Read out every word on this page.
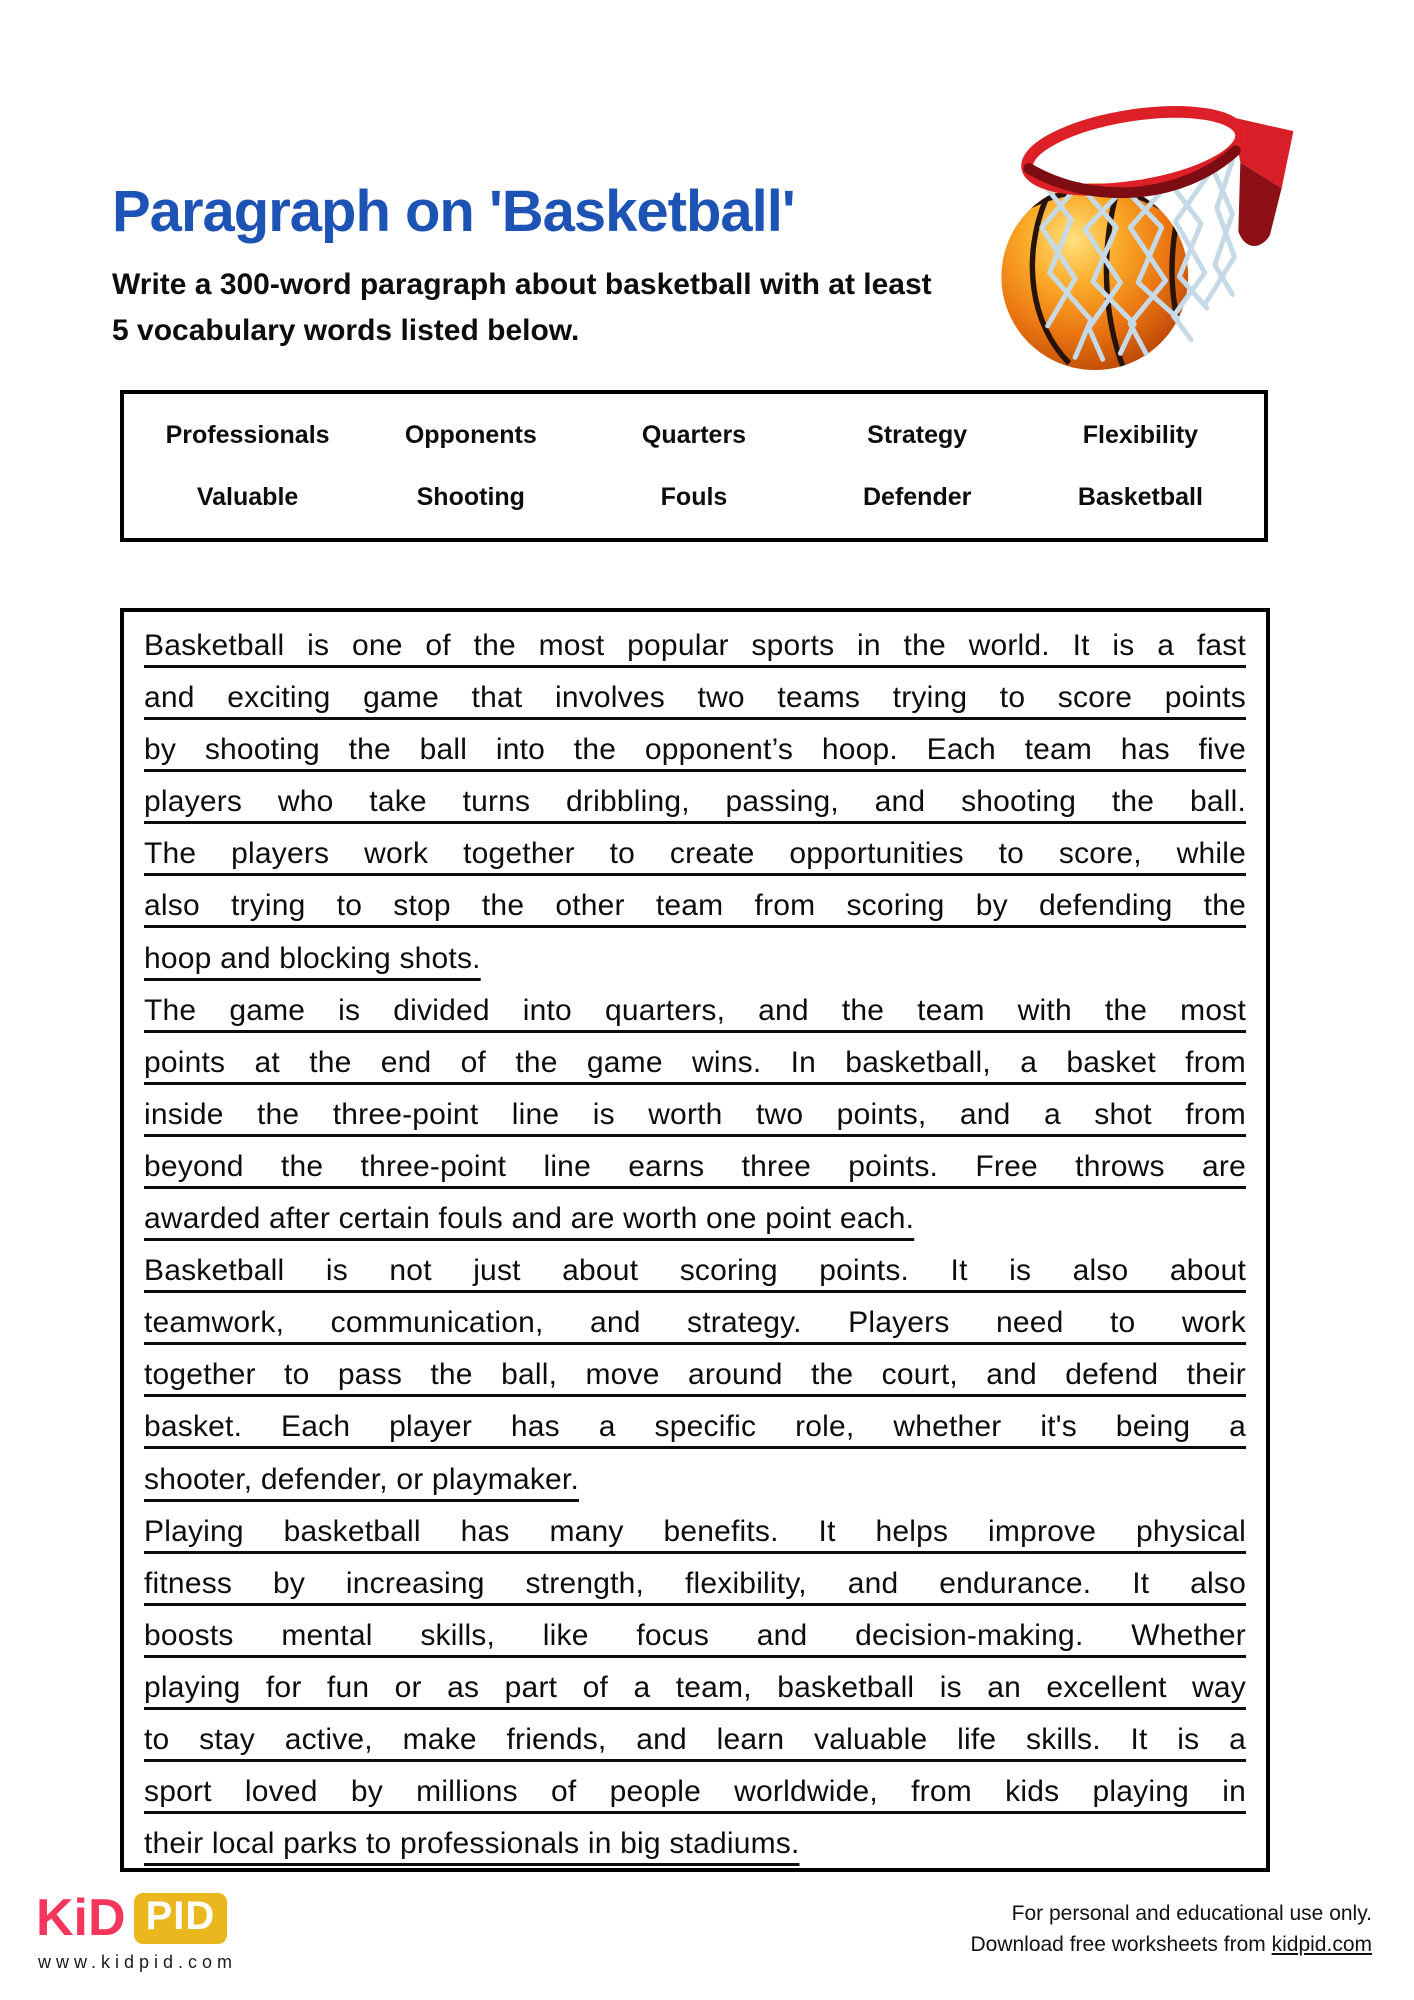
Paragraph on 'Basketball'
Write a 300-word paragraph about basketball with at least
5 vocabulary words listed below.
Professionals	Opponents	Quarters	Strategy	Flexibility
Valuable	Shooting	Fouls	Defender	Basketball
Basketball is one of the most popular sports in the world. It is a fast
and exciting game that involves two teams trying to score points
by shooting the ball into the opponent’s hoop. Each team has five
players who take turns dribbling, passing, and shooting the ball.
The players work together to create opportunities to score, while
also trying to stop the other team from scoring by defending the
hoop and blocking shots.
The game is divided into quarters, and the team with the most
points at the end of the game wins. In basketball, a basket from
inside the three-point line is worth two points, and a shot from
beyond the three-point line earns three points. Free throws are
awarded after certain fouls and are worth one point each.
Basketball is not just about scoring points. It is also about
teamwork, communication, and strategy. Players need to work
together to pass the ball, move around the court, and defend their
basket. Each player has a specific role, whether it's being a
shooter, defender, or playmaker.
Playing basketball has many benefits. It helps improve physical
fitness by increasing strength, flexibility, and endurance. It also
boosts mental skills, like focus and decision-making. Whether
playing for fun or as part of a team, basketball is an excellent way
to stay active, make friends, and learn valuable life skills. It is a
sport loved by millions of people worldwide, from kids playing in
their local parks to professionals in big stadiums.
KiD PID
www.kidpid.com
For personal and educational use only.
Download free worksheets from kidpid.com
